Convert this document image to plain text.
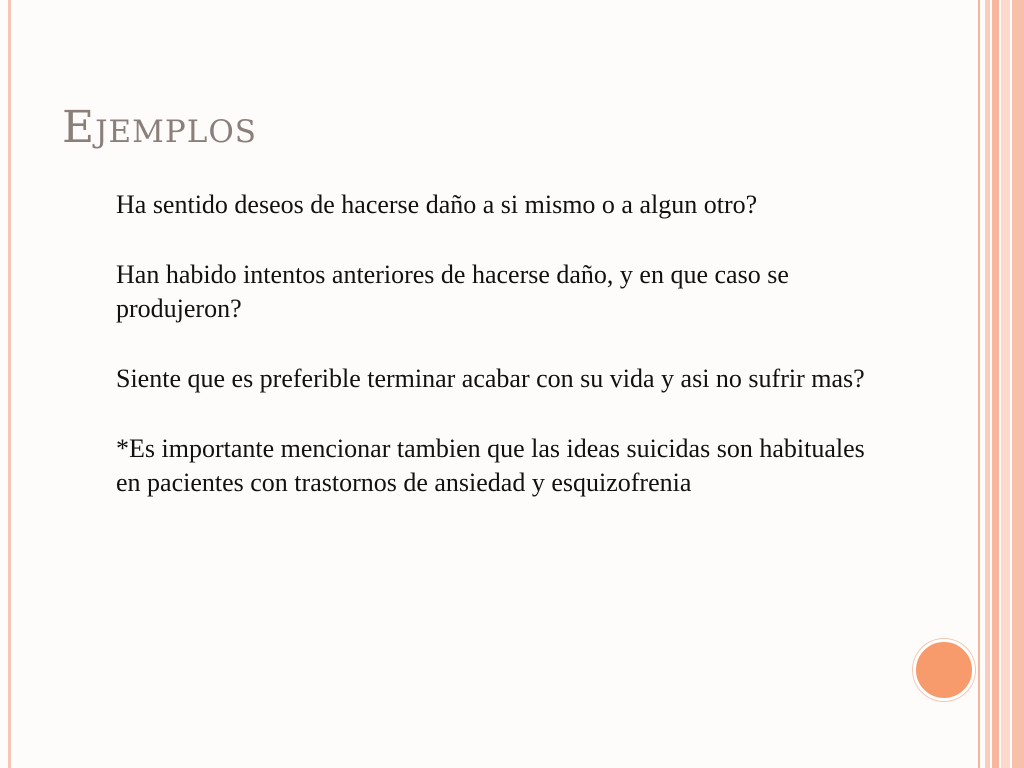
Ejemplos

Ha sentido deseos de hacerse daño a si mismo o a algun otro?

Han habido intentos anteriores de hacerse daño, y en que caso se produjeron?

Siente que es preferible terminar acabar con su vida y asi no sufrir mas?

*Es importante mencionar tambien que las ideas suicidas son habituales en pacientes con trastornos de ansiedad y esquizofrenia
